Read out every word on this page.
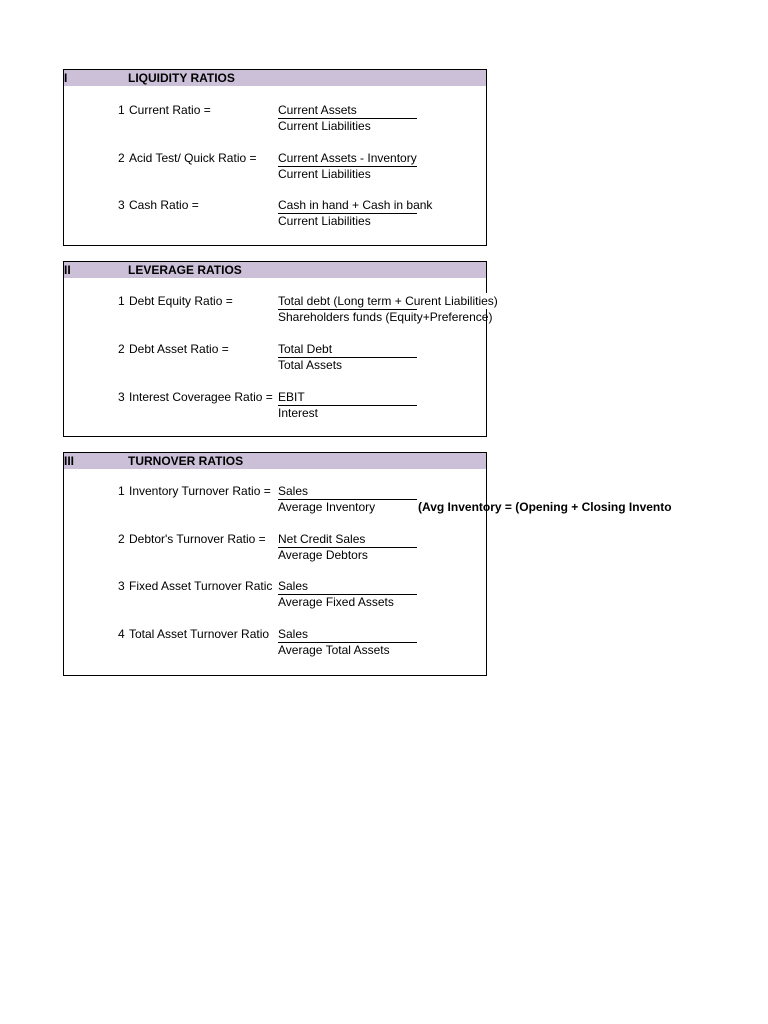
I	LIQUIDITY RATIOS
1 Current Ratio =	Current Assets
Current Liabilities
2 Acid Test/ Quick Ratio = Current Assets - Inventory
Current Liabilities
3 Cash Ratio =	Cash in hand + Cash in bank
Current Liabilities
II	LEVERAGE RATIOS
1 Debt Equity Ratio =	Total debt (Long term + Curent Liabilities)
Shareholders funds (Equity+Preference)
2 Debt Asset Ratio =	Total Debt
Total Assets
3 Interest Coveragee Ratio = EBIT
Interest
III	TURNOVER RATIOS
1 Inventory Turnover Ratio = Sales
Average Inventory	(Avg Inventory = (Opening + Closing Invento
2 Debtor's Turnover Ratio = Net Credit Sales
Average Debtors
3 Fixed Asset Turnover Ratic Sales
Average Fixed Assets
4 Total Asset Turnover Ratio Sales
Average Total Assets
